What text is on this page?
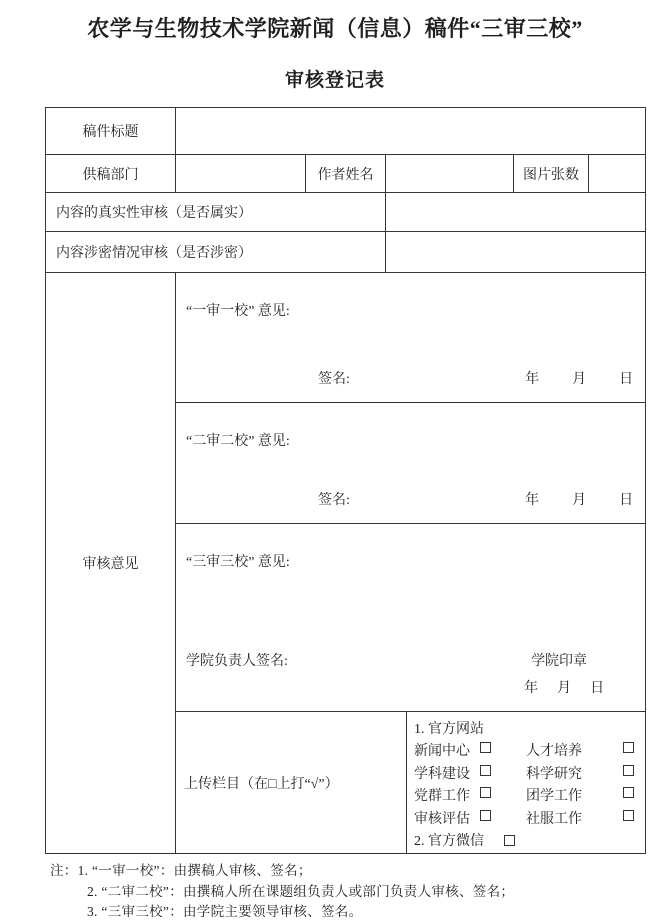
农学与生物技术学院新闻（信息）稿件“三审三校”
审核登记表
稿件标题						
供稿部门		作者姓名			图片张数	
内容的真实性审核（是否属实）						
内容涉密情况审核（是否涉密）						
审核意见	“一审一校” 意见:
签名: 年 月 日					

	“二审二校” 意见:
签名: 年 月 日					

“三审三校” 意见:
学院负责人签名:	学院印章
年 月 日

上传栏目（在□上打“√”）	
1. 官方网站
新闻中心	人才培养
学科建设	科学研究
党群工作	团学工作
审核评估	社服工作
2. 官方微信
注：1. “一审一校”：由撰稿人审核、签名；
2. “二审二校”：由撰稿人所在课题组负责人或部门负责人审核、签名；
3. “三审三校”：由学院主要领导审核、签名。
